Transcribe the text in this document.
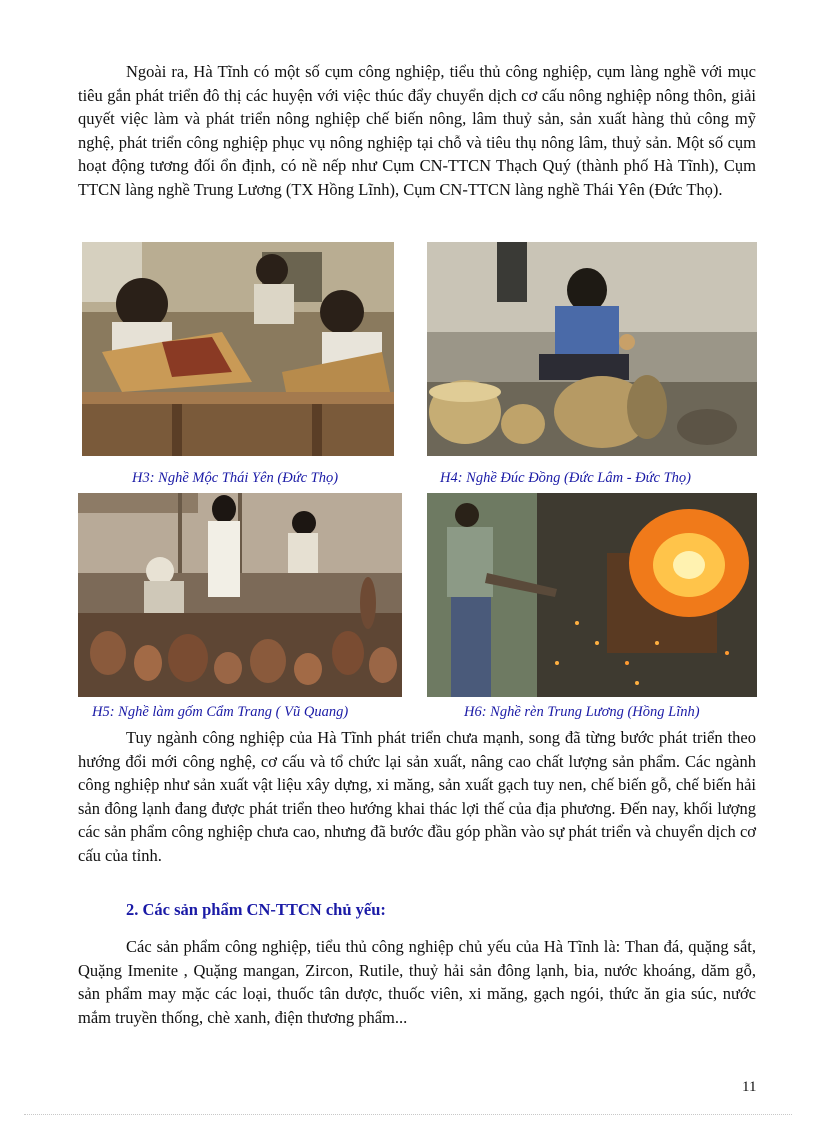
Ngoài ra, Hà Tĩnh có một số cụm công nghiệp, tiểu thủ công nghiệp, cụm làng nghề với mục tiêu gắn phát triển đô thị các huyện với việc thúc đẩy chuyển dịch cơ cấu nông nghiệp nông thôn, giải quyết việc làm và phát triển nông nghiệp chế biến nông, lâm thuỷ sản, sản xuất hàng thủ công mỹ nghệ, phát triển công nghiệp phục vụ nông nghiệp tại chỗ và tiêu thụ nông lâm, thuỷ sản. Một số cụm hoạt động tương đối ổn định, có nề nếp như Cụm CN-TTCN Thạch Quý (thành phố Hà Tĩnh), Cụm TTCN làng nghề Trung Lương (TX Hồng Lĩnh), Cụm CN-TTCN làng nghề Thái Yên (Đức Thọ).

H3: Nghề Mộc Thái Yên (Đức Thọ)	H4: Nghề Đúc Đồng (Đức Lâm - Đức Thọ)
H5: Nghề làm gốm Cẩm Trang ( Vũ Quang)	H6: Nghề rèn Trung Lương (Hồng Lĩnh)

Tuy ngành công nghiệp của Hà Tĩnh phát triển chưa mạnh, song đã từng bước phát triển theo hướng đổi mới công nghệ, cơ cấu và tổ chức lại sản xuất, nâng cao chất lượng sản phẩm. Các ngành công nghiệp như sản xuất vật liệu xây dựng, xi măng, sản xuất gạch tuy nen, chế biến gỗ, chế biến hải sản đông lạnh đang được phát triển theo hướng khai thác lợi thế của địa phương. Đến nay, khối lượng các sản phẩm công nghiệp chưa cao, nhưng đã bước đầu góp phần vào sự phát triển và chuyển dịch cơ cấu của tỉnh.

2. Các sản phẩm CN-TTCN chủ yếu:

Các sản phẩm công nghiệp, tiểu thủ công nghiệp chủ yếu của Hà Tĩnh là: Than đá, quặng sắt, Quặng Imenite , Quặng mangan, Zircon, Rutile, thuỷ hải sản đông lạnh, bia, nước khoáng, dăm gỗ, sản phẩm may mặc các loại, thuốc tân dược, thuốc viên, xi măng, gạch ngói, thức ăn gia súc, nước mắm truyền thống, chè xanh, điện thương phẩm...

11
